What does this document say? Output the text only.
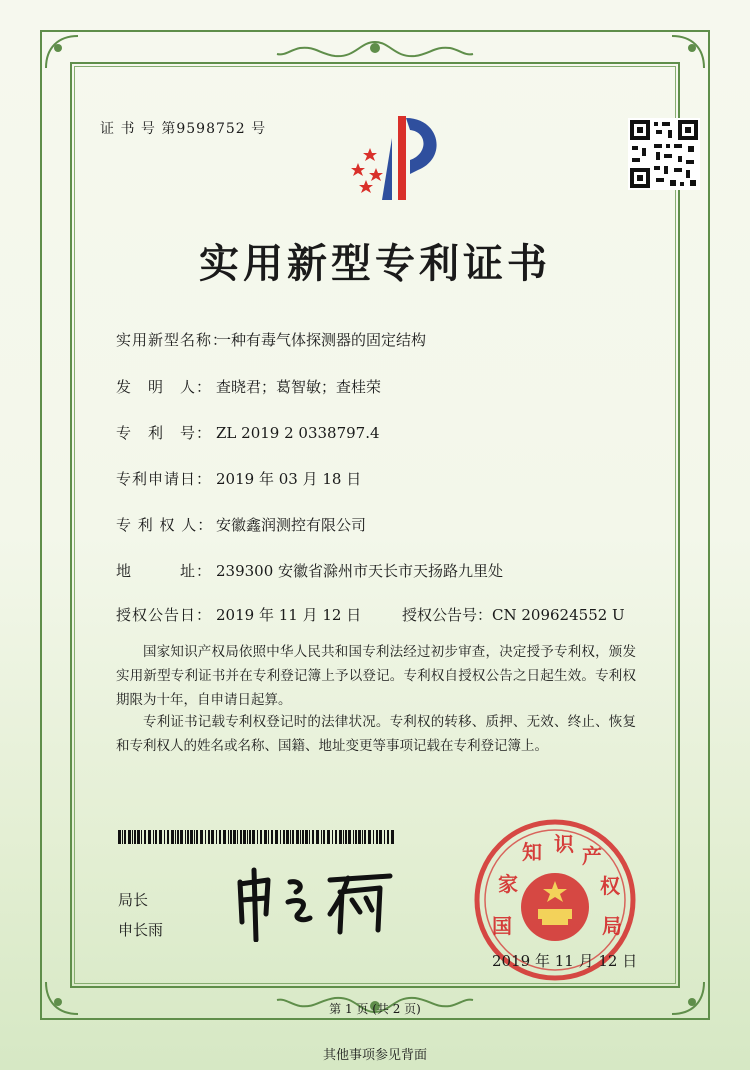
证 书 号 第9598752 号
实用新型专利证书
实用新型名称：一种有毒气体探测器的固定结构
发　明　人： 查晓君；葛智敏；查桂荣
专　利　号： ZL 2019 2 0338797.4
专利申请日： 2019 年 03 月 18 日
专 利 权 人： 安徽鑫润测控有限公司
地　　　址： 239300 安徽省滁州市天长市天扬路九里处
授权公告日： 2019 年 11 月 12 日	授权公告号：CN 209624552 U
国家知识产权局依照中华人民共和国专利法经过初步审查，决定授予专利权，颁发实用新型专利证书并在专利登记簿上予以登记。专利权自授权公告之日起生效。专利权期限为十年，自申请日起算。
专利证书记载专利权登记时的法律状况。专利权的转移、质押、无效、终止、恢复和专利权人的姓名或名称、国籍、地址变更等事项记载在专利登记簿上。
局长
申长雨	国
家
知 识 产
权
局
2019 年 11 月 12 日
第 1 页 (共 2 页)
其他事项参见背面
